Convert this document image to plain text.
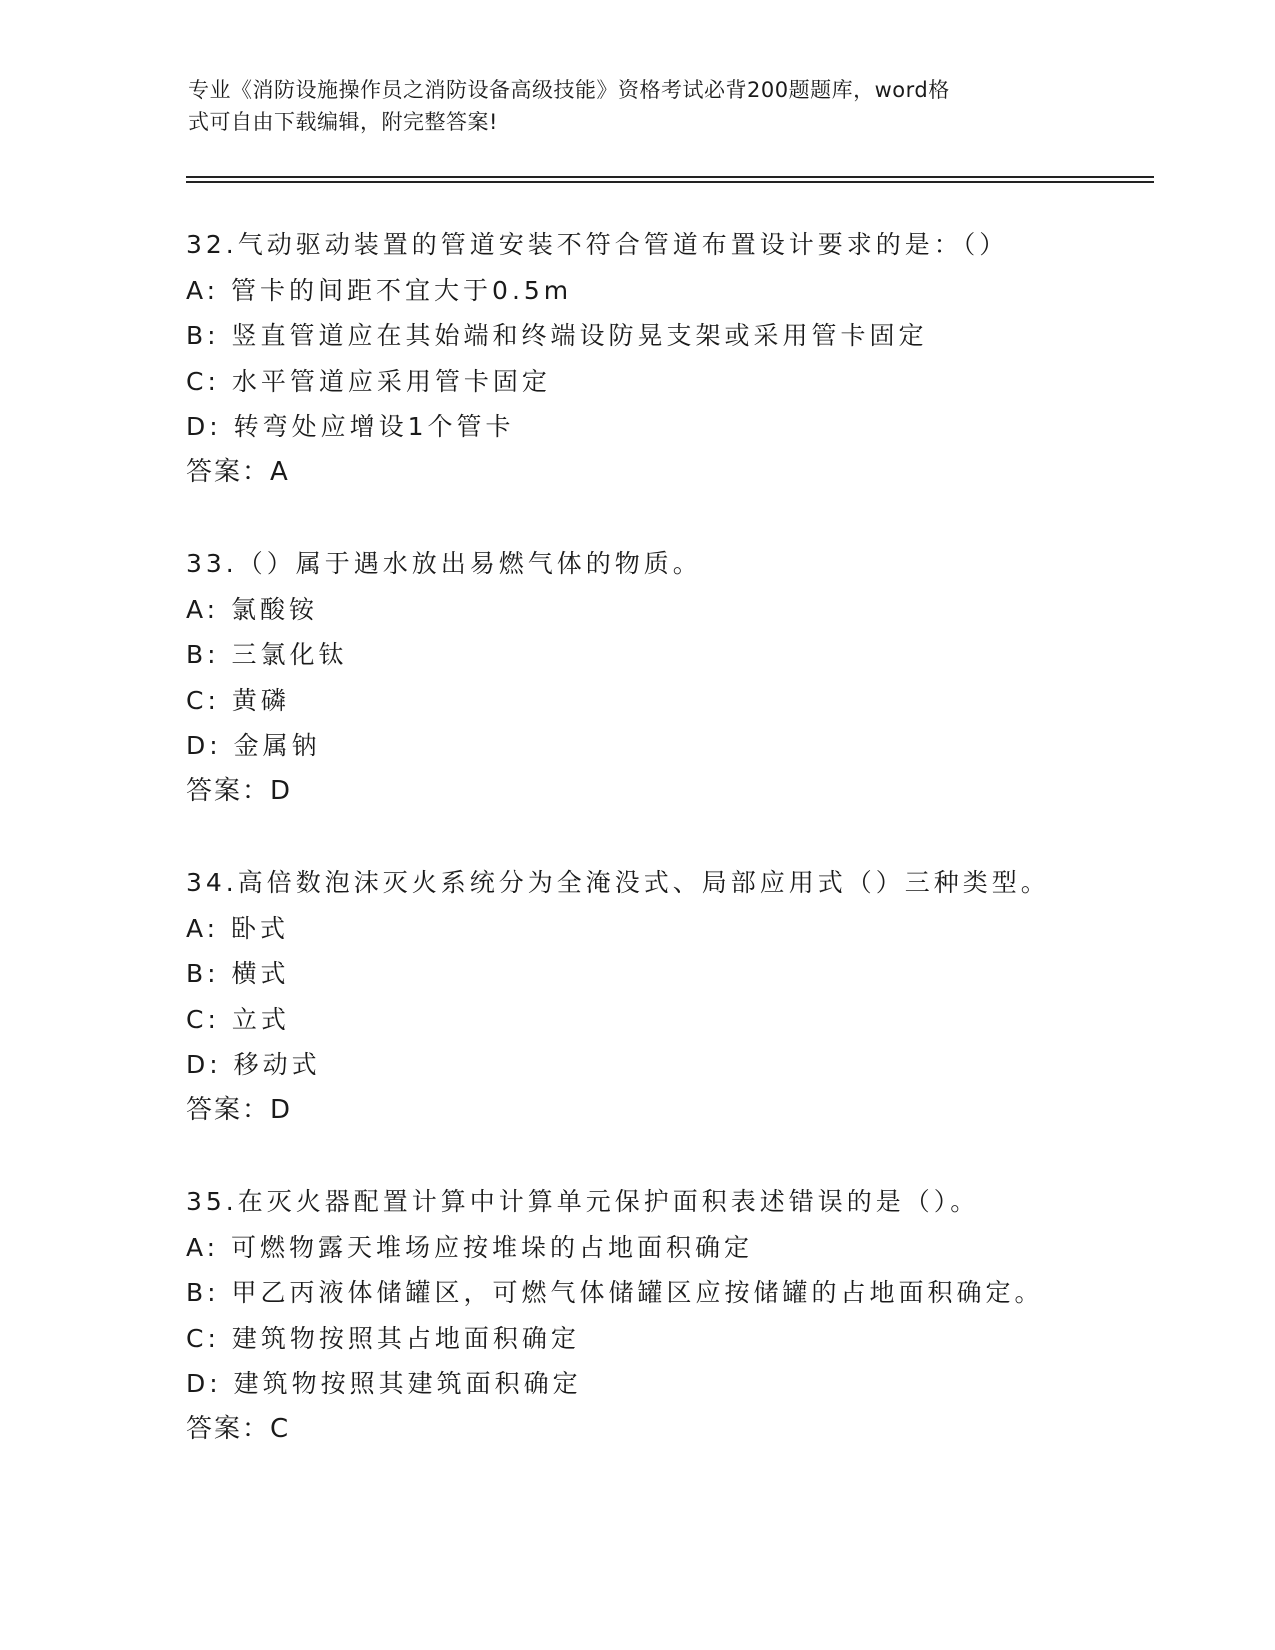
专业《消防设施操作员之消防设备高级技能》资格考试必背200题题库，word格
式可自由下载编辑，附完整答案!
32.气动驱动装置的管道安装不符合管道布置设计要求的是：（）
A: 管卡的间距不宜大于0.5m
B: 竖直管道应在其始端和终端设防晃支架或采用管卡固定
C: 水平管道应采用管卡固定
D: 转弯处应增设1个管卡
答案：A
33.（）属于遇水放出易燃气体的物质。
A: 氯酸铵
B: 三氯化钛
C: 黄磷
D: 金属钠
答案：D
34.高倍数泡沫灭火系统分为全淹没式、局部应用式（）三种类型。
A: 卧式
B: 横式
C: 立式
D: 移动式
答案：D
35.在灭火器配置计算中计算单元保护面积表述错误的是（）。
A: 可燃物露天堆场应按堆垛的占地面积确定
B: 甲乙丙液体储罐区，可燃气体储罐区应按储罐的占地面积确定。
C: 建筑物按照其占地面积确定
D: 建筑物按照其建筑面积确定
答案：C
